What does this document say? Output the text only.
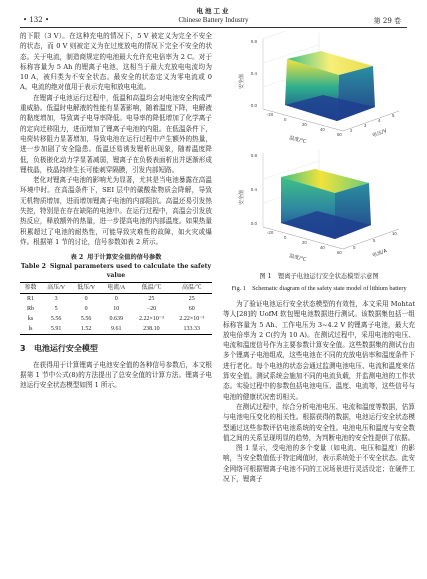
电池工业
• 132 •	Chinese Battery Industry	第 29 卷

的下限（3 V）。在这种充电的情况下，5 V 被定义为完全不安全的状态，而 0 V 则被定义为在过度放电的情况下完全不安全的状态。关于电流，制造商规定的电池最大允许充电倍率为 2 C。对于标称容量为 5 Ah 的锂离子电池，这相当于最大充放电电流均为 10 A，被归类为不安全状态。最安全的状态定义为零电流或 0 A。电流的绝对值用于表示充电和放电电流。

在锂离子电池运行过程中，低温和高温均会对电池安全构成严重威胁。低温时电解液的性能有显著影响，随着温度下降，电解液的黏度增加，导致离子电导率降低。电导率的降低增加了化学离子的定向迁移阻力，进而增加了锂离子电池的内阻。在低温条件下，电荷转移阻力显著增加，导致电池在运行过程中产生额外的热量，进一步加剧了安全隐患。低温还易诱发锂析出现象，随着温度降低，负极嵌化动力学显著减弱，锂离子在负极表面析出并逐渐形成锂枝晶，枝晶持续生长可能刺穿隔膜，引发内部短路。

老化对锂离子电池的影响尤为显著，尤其是当电池暴露在高温环境中时。在高温条件下，SEI 层中的碳酸盐物质会降解，导致无机物质增加，进而增加锂离子电池的内部阻抗。高温还易引发热失控，特别是在存在缺陷的电池中。在运行过程中，高温会引发放热反应，释放额外的热量，进一步提高电池的内部温度。如果热量积累超过了电池的耐热性，可能导致灾难性的故障，如火灾或爆炸。根据第 1 节的讨论，信号参数如表 2 所示。

表 2 用于计算安全值的信号参数
Table 2 Signal parameters used to calculate the safety value
参数	高压/V	低压/V	电流/A	低温/℃	高温/℃
R1	3	0	0	25	25
Rb	5	0	10	−20	60
ks	5.56	5.56	0.639	2.22×10⁻³	2.22×10⁻³
ls	5.91	1.52	9.61	238.10	133.33
3 电池运行安全模型

在获得用于计算锂离子电池安全值的各种信号参数后，本文根据第 1 节中公式(8)的方法提出了总安全值的计算方法。锂离子电池运行安全状态模型如图 1 所示。

0.8
0.4
0.0
安全值
-20
0
20
40
60
温度/℃
2
3
4
5
电压/V
0.8
0.4
0.0
安全值
-20
0
20
40
60
温度/℃
0
5
10
电流/A
图 1　锂离子电池运行安全状态模型示意图
Fig. 1　Schematic diagram of the safety state model of lithium battery

为了验证电池运行安全状态模型的有效性，本文采用 Mohtat 等人[28]的 UofM 软包锂电池数据进行测试。该数据集包括一组标称容量为 5 Ah、工作电压为 3~4.2 V 的锂离子电池，最大充放电倍率为 2 C(约为 10 A)。在测试过程中，采用电池的电压、电流和温度信号作为主要参数计算安全值。这些数据集的测试台由多个锂离子电池组成，这些电池在不同的充放电倍率和温度条件下进行老化。每个电池的状态会通过监测电池电压、电流和温度来估算安全值。测试系统会施加不同的电流负载，并监测电池的工作状态。实验过程中的参数包括电池电压、温度、电流等，这些信号与电池的健康状况密切相关。

在测试过程中，综合分析电池电压、电流和温度等数据，估算与电池电压变化的相关性。根据获得的数据，电池运行安全状态模型通过这些参数评估电池系统的安全性。电池电压和温度与安全数值之间的关系呈现明显的趋势，为判断电池的安全性提供了依据。

图 1 显示，受电池的多个变量（如电流、电压和温度）的影响，当安全数值低于特定阈值时，表示系统处于不安全状态。此安全网络可根据锂离子电池不同的工况场景进行灵活设定；在硬件工况下，锂离子
